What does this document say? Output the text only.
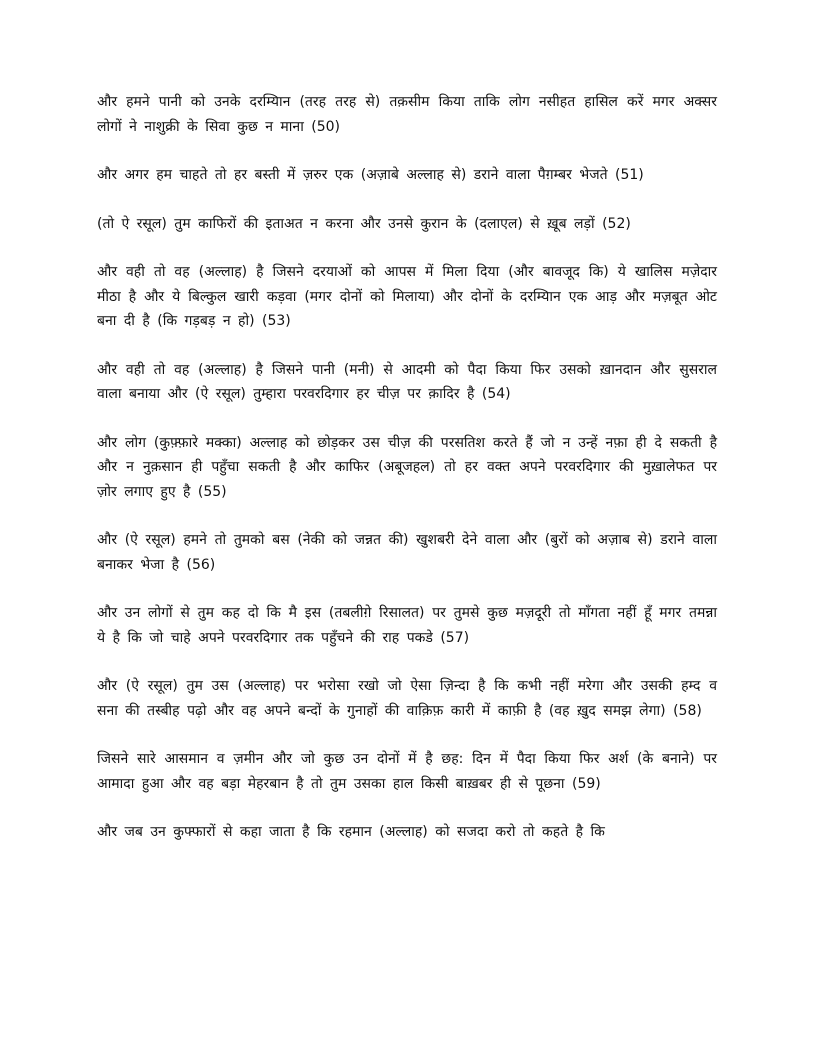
और हमने पानी को उनके दरम्यिान (तरह तरह से) तक़सीम किया ताकि लोग नसीहत हासिल करें मगर अक्सर लोगों ने नाशुक्री के सिवा कुछ न माना (50)

और अगर हम चाहते तो हर बस्ती में ज़रुर एक (अज़ाबे अल्लाह से) डराने वाला पैग़म्बर भेजते (51)

(तो ऐ रसूल) तुम काफिरों की इताअत न करना और उनसे कुरान के (दलाएल) से ख़ूब लड़ों (52)

और वही तो वह (अल्लाह) है जिसने दरयाओं को आपस में मिला दिया (और बावजूद कि) ये खालिस मज़ेदार मीठा है और ये बिल्कुल खारी कड़वा (मगर दोनों को मिलाया) और दोनों के दरम्यिान एक आड़ और मज़बूत ओट बना दी है (कि गड़बड़ न हो) (53)

और वही तो वह (अल्लाह) है जिसने पानी (मनी) से आदमी को पैदा किया फिर उसको ख़ानदान और सुसराल वाला बनाया और (ऐ रसूल) तुम्हारा परवरदिगार हर चीज़ पर क़ादिर है (54)

और लोग (कुफ़्फ़ारे मक्का) अल्लाह को छोड़कर उस चीज़ की परसतिश करते हैं जो न उन्हें नफ़ा ही दे सकती है और न नुक़सान ही पहुँचा सकती है और काफिर (अबूजहल) तो हर वक्त अपने परवरदिगार की मुख़ालेफत पर ज़ोर लगाए हुए है (55)

और (ऐ रसूल) हमने तो तुमको बस (नेकी को जन्नत की) खुशबरी देने वाला और (बुरों को अज़ाब से) डराने वाला बनाकर भेजा है (56)

और उन लोगों से तुम कह दो कि मै इस (तबलीग़े रिसालत) पर तुमसे कुछ मज़दूरी तो माँगता नहीं हूँ मगर तमन्ना ये है कि जो चाहे अपने परवरदिगार तक पहुँचने की राह पकडे (57)

और (ऐ रसूल) तुम उस (अल्लाह) पर भरोसा रखो जो ऐसा ज़िन्दा है कि कभी नहीं मरेगा और उसकी हम्द व सना की तस्बीह पढ़ो और वह अपने बन्दों के गुनाहों की वाक़िफ़ कारी में काफ़ी है (वह ख़ुद समझ लेगा) (58)

जिसने सारे आसमान व ज़मीन और जो कुछ उन दोनों में है छह: दिन में पैदा किया फिर अर्श (के बनाने) पर आमादा हुआ और वह बड़ा मेहरबान है तो तुम उसका हाल किसी बाख़बर ही से पूछना (59)

और जब उन कुफ्फारों से कहा जाता है कि रहमान (अल्लाह) को सजदा करो तो कहते है कि
